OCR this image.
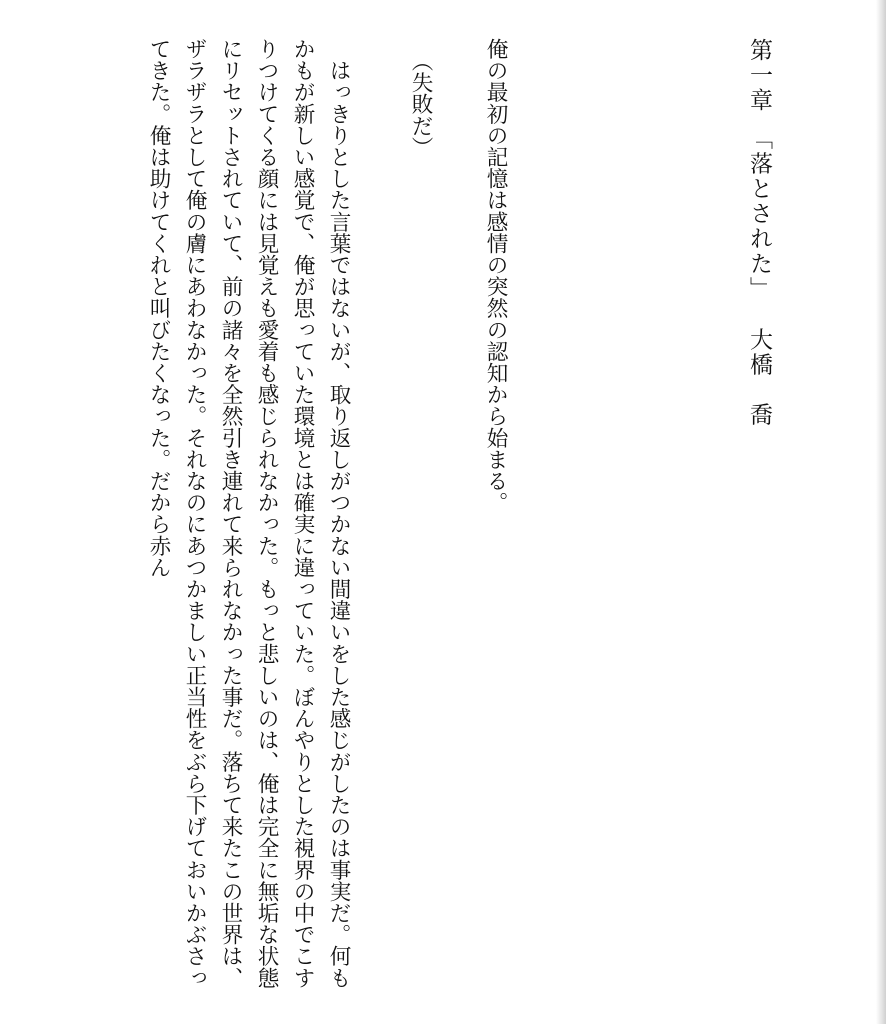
第一章　「落とされた」大橋　喬
俺の最初の記憶は感情の突然の認知から始まる。
（失敗だ）
　はっきりとした言葉ではないが、取り返しがつかない間違いをした感じがしたのは事実だ。何もかもが新しい感覚で、俺が思っていた環境とは確実に違っていた。ぼんやりとした視界の中でこすりつけてくる顔には見覚えも愛着も感じられなかった。もっと悲しいのは、俺は完全に無垢な状態にリセットされていて、前の諸々を全然引き連れて来られなかった事だ。落ちて来たこの世界は、ザラザラとして俺の膚にあわなかった。それなのにあつかましい正当性をぶら下げておいかぶさってきた。俺は助けてくれと叫びたくなった。だから赤ん
